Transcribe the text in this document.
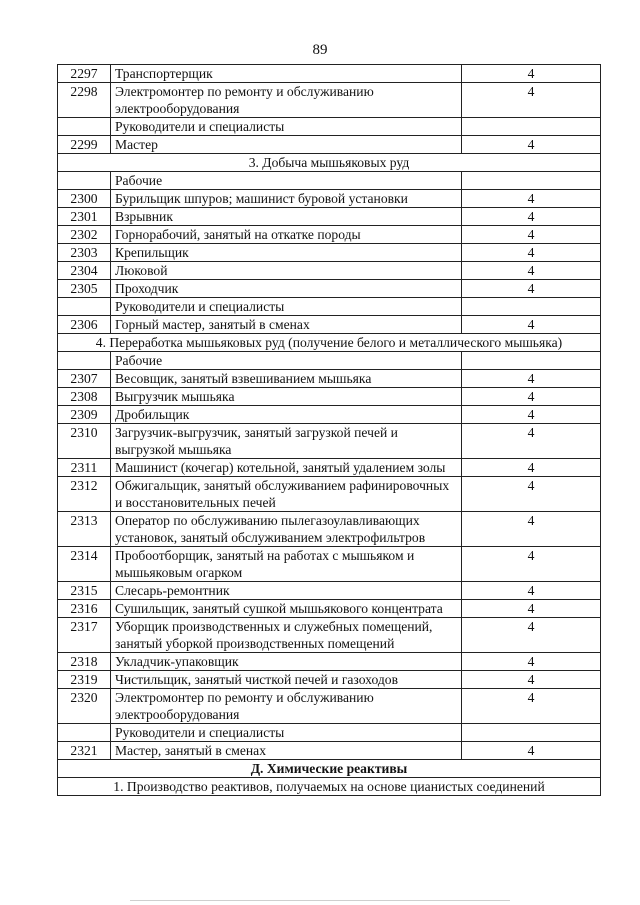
89
2297	Транспортерщик	4
2298	Электромонтер по ремонту и обслуживанию электрооборудования	4
	Руководители и специалисты	
2299	Мастер	4
3. Добыча мышьяковых руд		
	Рабочие	
2300	Бурильщик шпуров; машинист буровой установки	4
2301	Взрывник	4
2302	Горнорабочий, занятый на откатке породы	4
2303	Крепильщик	4
2304	Люковой	4
2305	Проходчик	4
	Руководители и специалисты	
2306	Горный мастер, занятый в сменах	4
4. Переработка мышьяковых руд (получение белого и металлического мышьяка)		
	Рабочие	
2307	Весовщик, занятый взвешиванием мышьяка	4
2308	Выгрузчик мышьяка	4
2309	Дробильщик	4
2310	Загрузчик-выгрузчик, занятый загрузкой печей и выгрузкой мышьяка	4
2311	Машинист (кочегар) котельной, занятый удалением золы	4
2312	Обжигальщик, занятый обслуживанием рафинировочных и восстановительных печей	4
2313	Оператор по обслуживанию пылегазоулавливающих установок, занятый обслуживанием электрофильтров	4
2314	Пробоотборщик, занятый на работах с мышьяком и мышьяковым огарком	4
2315	Слесарь-ремонтник	4
2316	Сушильщик, занятый сушкой мышьякового концентрата	4
2317	Уборщик производственных и служебных помещений, занятый уборкой производственных помещений	4
2318	Укладчик-упаковщик	4
2319	Чистильщик, занятый чисткой печей и газоходов	4
2320	Электромонтер по ремонту и обслуживанию электрооборудования	4
	Руководители и специалисты	
2321	Мастер, занятый в сменах	4
Д. Химические реактивы		
1. Производство реактивов, получаемых на основе цианистых соединений		
